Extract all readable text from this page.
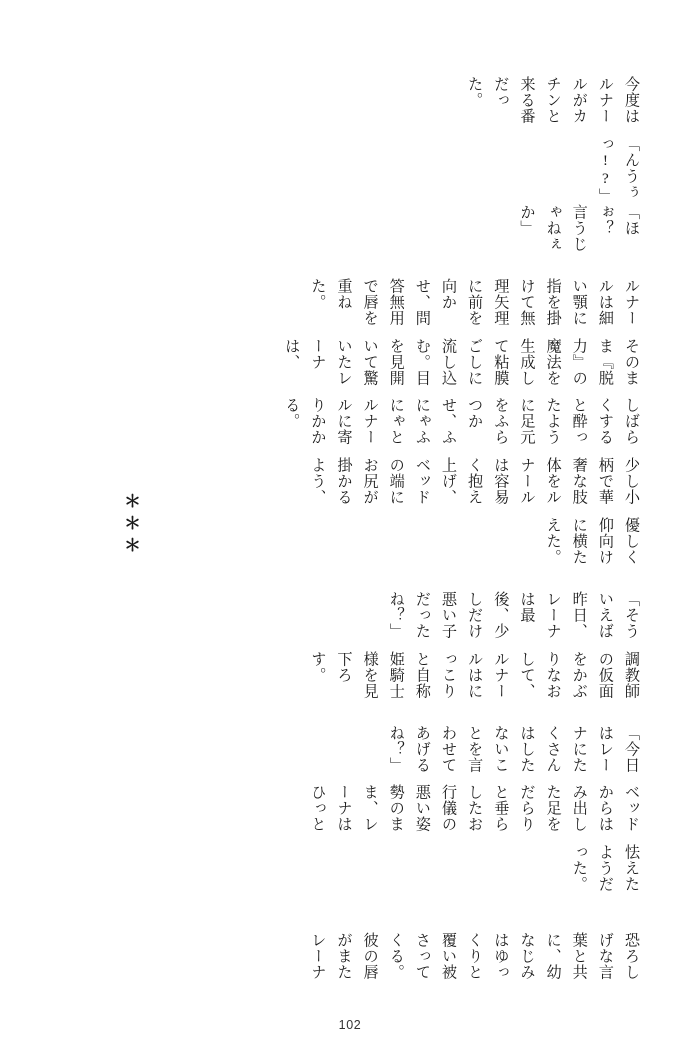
今度はルナールがカチンと来る番だった。
「んうぅっ!?」
「ほぉ？　言うじゃねぇか」
ルナールは細い顎に指を掛けて無理矢理に前を向かせ、問答無用で唇を重ねた。
そのまま『脱力』の魔法を生成して粘膜ごしに流し込む。目を見開いて驚いたレーナは、
しばらくすると酔ったように足元をふらつかせ、ふにゃふにゃとルナールに寄りかかる。
少し小柄で華奢な肢体をルナールは容易く抱え上げ、ベッドの端にお尻が掛かるよう、
優しく仰向けに横たえた。
「そういえば昨日、レーナは最後、少しだけ悪い子だったね？」
調教師の仮面をかぶりなおして、ルナールはにっこりと自称姫騎士様を見下ろす。
「今日はレーナにたくさんはしたないことを言わせてあげるね？」
ベッドからはみ出した足をだらりと垂らしたお行儀の悪い姿勢のまま、レーナはひっと
怯えたようだった。
恐ろしげな言葉と共に、幼なじみはゆっくりと覆い被さってくる。彼の唇がまたレーナ
＊＊＊
102
